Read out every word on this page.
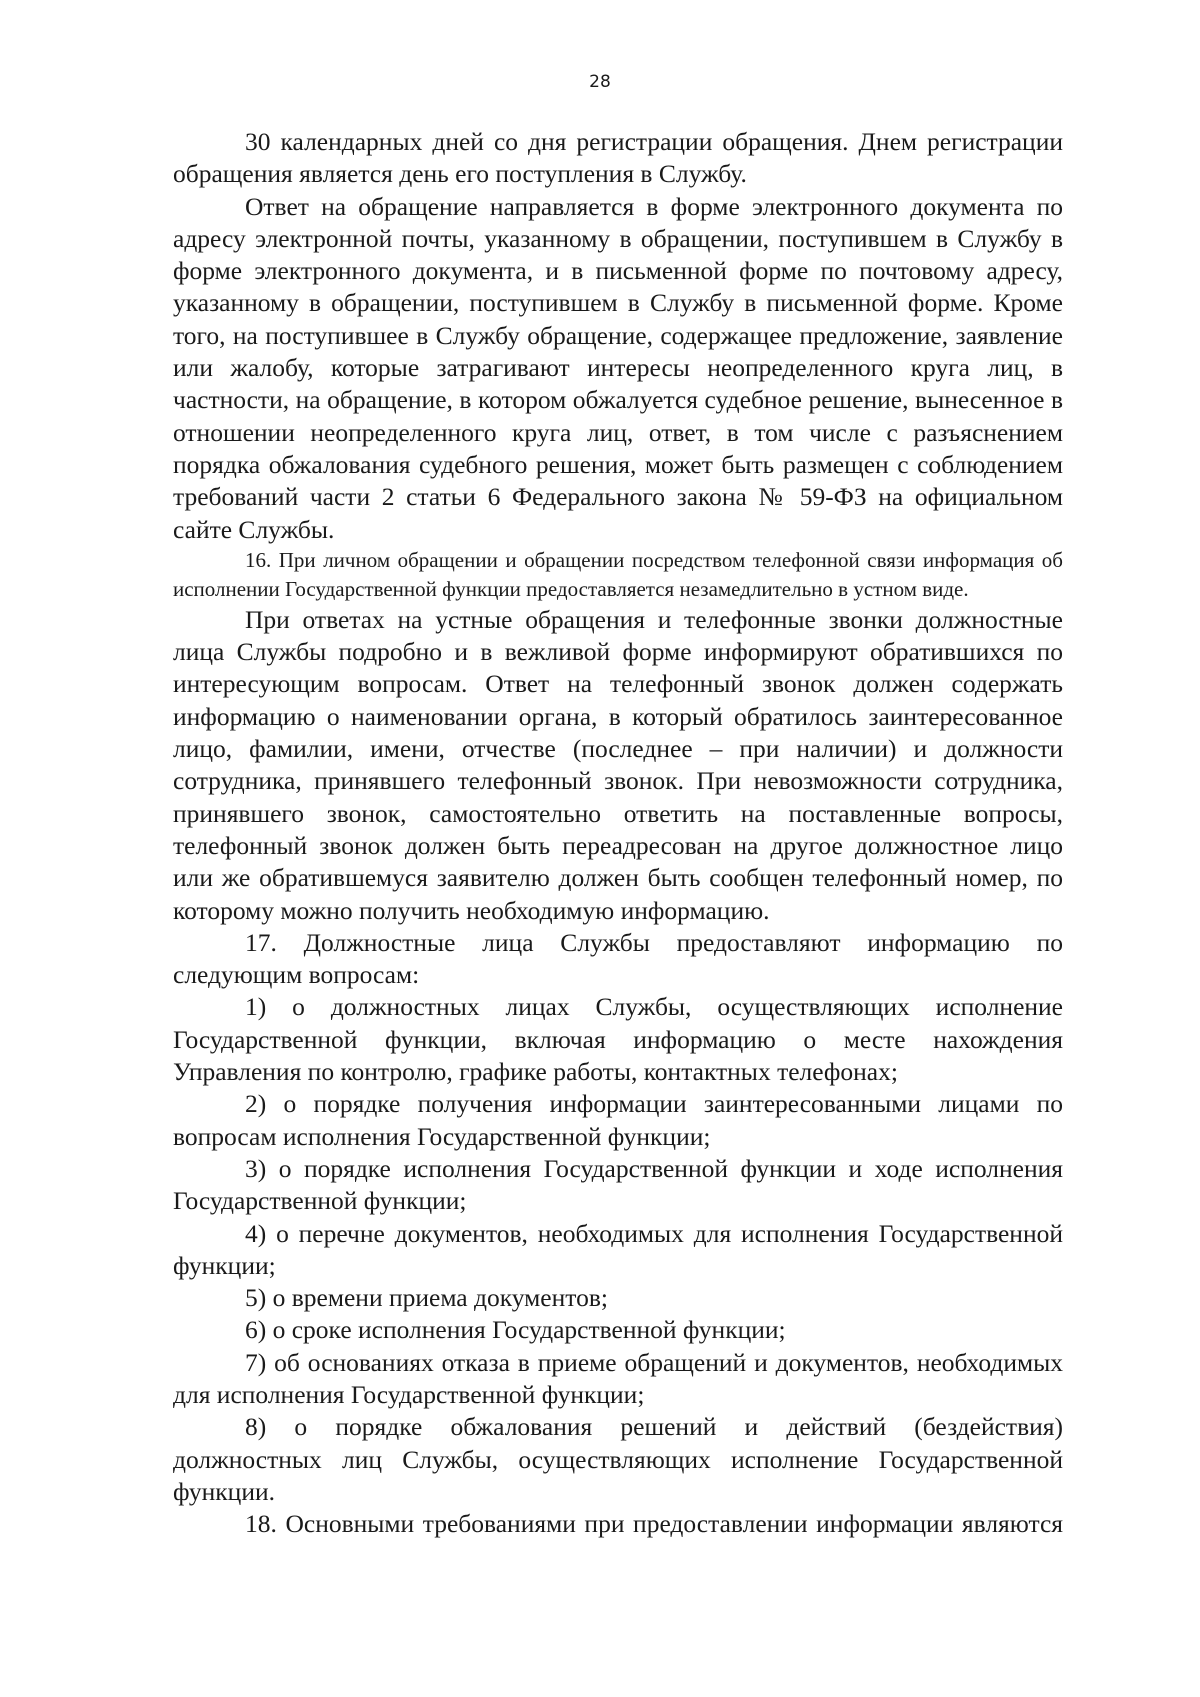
28

30 календарных дней со дня регистрации обращения. Днем регистрации обращения является день его поступления в Службу.

Ответ на обращение направляется в форме электронного документа по адресу электронной почты, указанному в обращении, поступившем в Службу в форме электронного документа, и в письменной форме по почтовому адресу, указанному в обращении, поступившем в Службу в письменной форме. Кроме того, на поступившее в Службу обращение, содержащее предложение, заявление или жалобу, которые затрагивают интересы неопределенного круга лиц, в частности, на обращение, в котором обжалуется судебное решение, вынесенное в отношении неопределенного круга лиц, ответ, в том числе с разъяснением порядка обжалования судебного решения, может быть размещен с соблюдением требований части 2 статьи 6 Федерального закона № 59-ФЗ на официальном сайте Службы.

16. При личном обращении и обращении посредством телефонной связи информация об исполнении Государственной функции предоставляется незамедлительно в устном виде.

При ответах на устные обращения и телефонные звонки должностные лица Службы подробно и в вежливой форме информируют обратившихся по интересующим вопросам. Ответ на телефонный звонок должен содержать информацию о наименовании органа, в который обратилось заинтересованное лицо, фамилии, имени, отчестве (последнее – при наличии) и должности сотрудника, принявшего телефонный звонок. При невозможности сотрудника, принявшего звонок, самостоятельно ответить на поставленные вопросы, телефонный звонок должен быть переадресован на другое должностное лицо или же обратившемуся заявителю должен быть сообщен телефонный номер, по которому можно получить необходимую информацию.

17. Должностные лица Службы предоставляют информацию по следующим вопросам:

1) о должностных лицах Службы, осуществляющих исполнение Государственной функции, включая информацию о месте нахождения Управления по контролю, графике работы, контактных телефонах;

2) о порядке получения информации заинтересованными лицами по вопросам исполнения Государственной функции;

3) о порядке исполнения Государственной функции и ходе исполнения Государственной функции;

4) о перечне документов, необходимых для исполнения Государственной функции;

5) о времени приема документов;

6) о сроке исполнения Государственной функции;

7) об основаниях отказа в приеме обращений и документов, необходимых для исполнения Государственной функции;

8) о порядке обжалования решений и действий (бездействия) должностных лиц Службы, осуществляющих исполнение Государственной функции.

18. Основными требованиями при предоставлении информации являются
